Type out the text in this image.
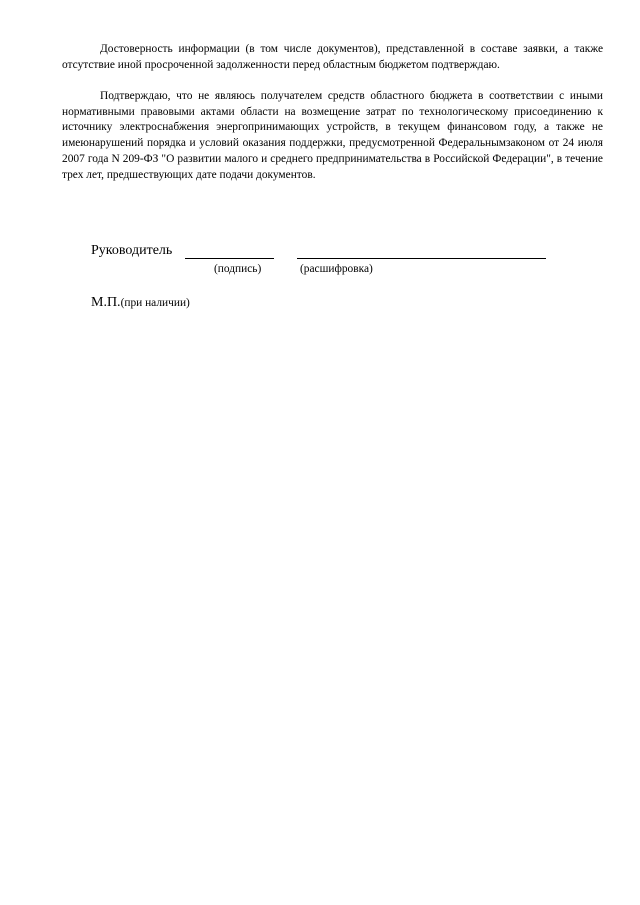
Достоверность информации (в том числе документов), представленной в составе заявки, а также отсутствие иной просроченной задолженности перед областным бюджетом подтверждаю.

Подтверждаю, что не являюсь получателем средств областного бюджета в соответствии с иными нормативными правовыми актами области на возмещение затрат по технологическому присоединению к источнику электроснабжения энергопринимающих устройств, в текущем финансовом году, а также не имеюнарушений порядка и условий оказания поддержки, предусмотренной Федеральнымзаконом от 24 июля 2007 года N 209-ФЗ "О развитии малого и среднего предпринимательства в Российской Федерации", в течение трех лет, предшествующих дате подачи документов.

Руководитель
(подпись)	(расшифровка)
М.П.(при наличии)
